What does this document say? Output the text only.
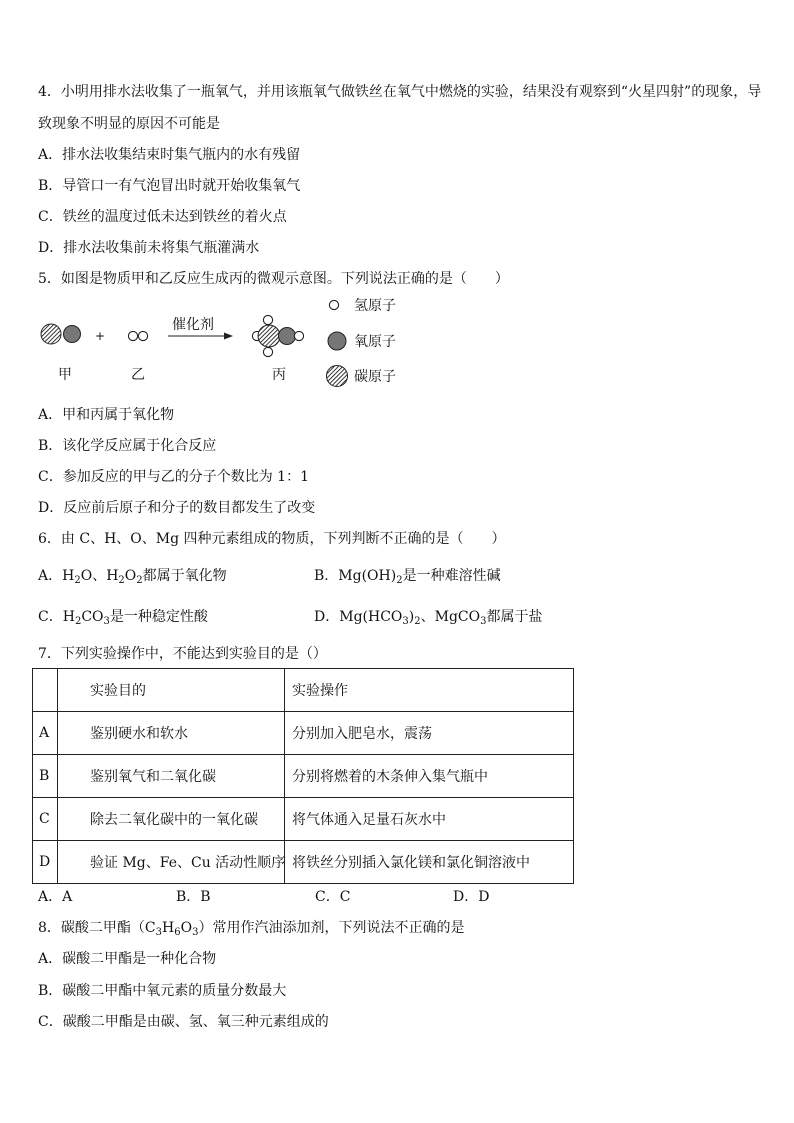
4．小明用排水法收集了一瓶氧气，并用该瓶氧气做铁丝在氧气中燃烧的实验，结果没有观察到“火星四射”的现象，导
致现象不明显的原因不可能是
A．排水法收集结束时集气瓶内的水有残留
B．导管口一有气泡冒出时就开始收集氧气
C．铁丝的温度过低未达到铁丝的着火点
D．排水法收集前未将集气瓶灌满水
5．如图是物质甲和乙反应生成丙的微观示意图。下列说法正确的是（　　）
+
催化剂
甲	乙	丙
氢原子
氧原子
碳原子
A．甲和丙属于氧化物
B．该化学反应属于化合反应
C．参加反应的甲与乙的分子个数比为 1：1
D．反应前后原子和分子的数目都发生了改变
6．由 C、H、O、Mg 四种元素组成的物质，下列判断不正确的是（　　）
A．$H_2O$、$H_2O_2$都属于氧化物	B．$Mg(OH)_2$是一种难溶性碱
C．$H_2CO_3$是一种稳定性酸	D．$Mg(HCO_3)_2$、MgCO$_3$都属于盐
7．下列实验操作中，不能达到实验目的是（）
	实验目的	实验操作
A	鉴别硬水和软水	分别加入肥皂水，震荡
B	鉴别氧气和二氧化碳	分别将燃着的木条伸入集气瓶中
C	除去二氧化碳中的一氧化碳	将气体通入足量石灰水中
D	验证 Mg、Fe、Cu 活动性顺序	将铁丝分别插入氯化镁和氯化铜溶液中
A．A	B．B	C．C	D．D
8．碳酸二甲酯$(C_3H_6O_3)$常用作汽油添加剂，下列说法不正确的是
A．碳酸二甲酯是一种化合物
B．碳酸二甲酯中氧元素的质量分数最大
C．碳酸二甲酯是由碳、氢、氧三种元素组成的
